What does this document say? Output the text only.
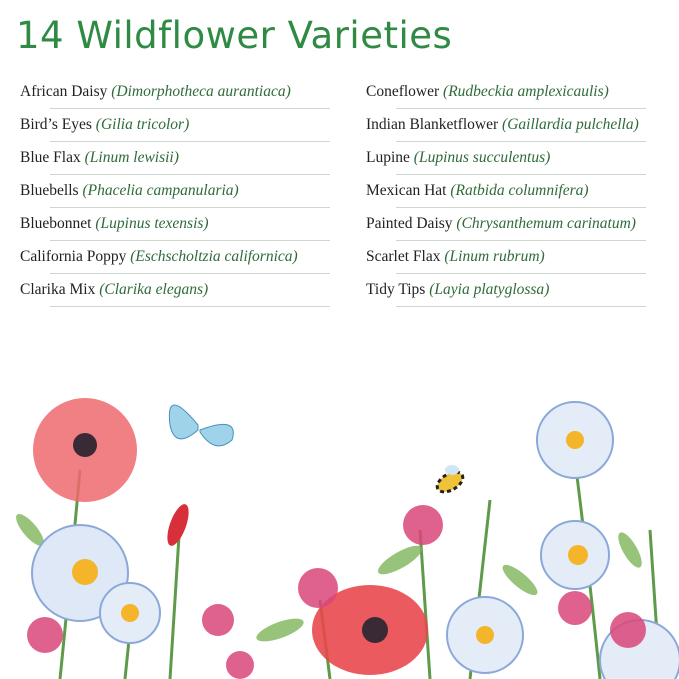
14 Wildflower Varieties
African Daisy (Dimorphotheca aurantiaca)
Bird’s Eyes (Gilia tricolor)
Blue Flax (Linum lewisii)
Bluebells (Phacelia campanularia)
Bluebonnet (Lupinus texensis)
California Poppy (Eschscholtzia californica)
Clarika Mix (Clarika elegans)
Coneflower (Rudbeckia amplexicaulis)
Indian Blanketflower (Gaillardia pulchella)
Lupine (Lupinus succulentus)
Mexican Hat (Ratbida columnifera)
Painted Daisy (Chrysanthemum carinatum)
Scarlet Flax (Linum rubrum)
Tidy Tips (Layia platyglossa)
